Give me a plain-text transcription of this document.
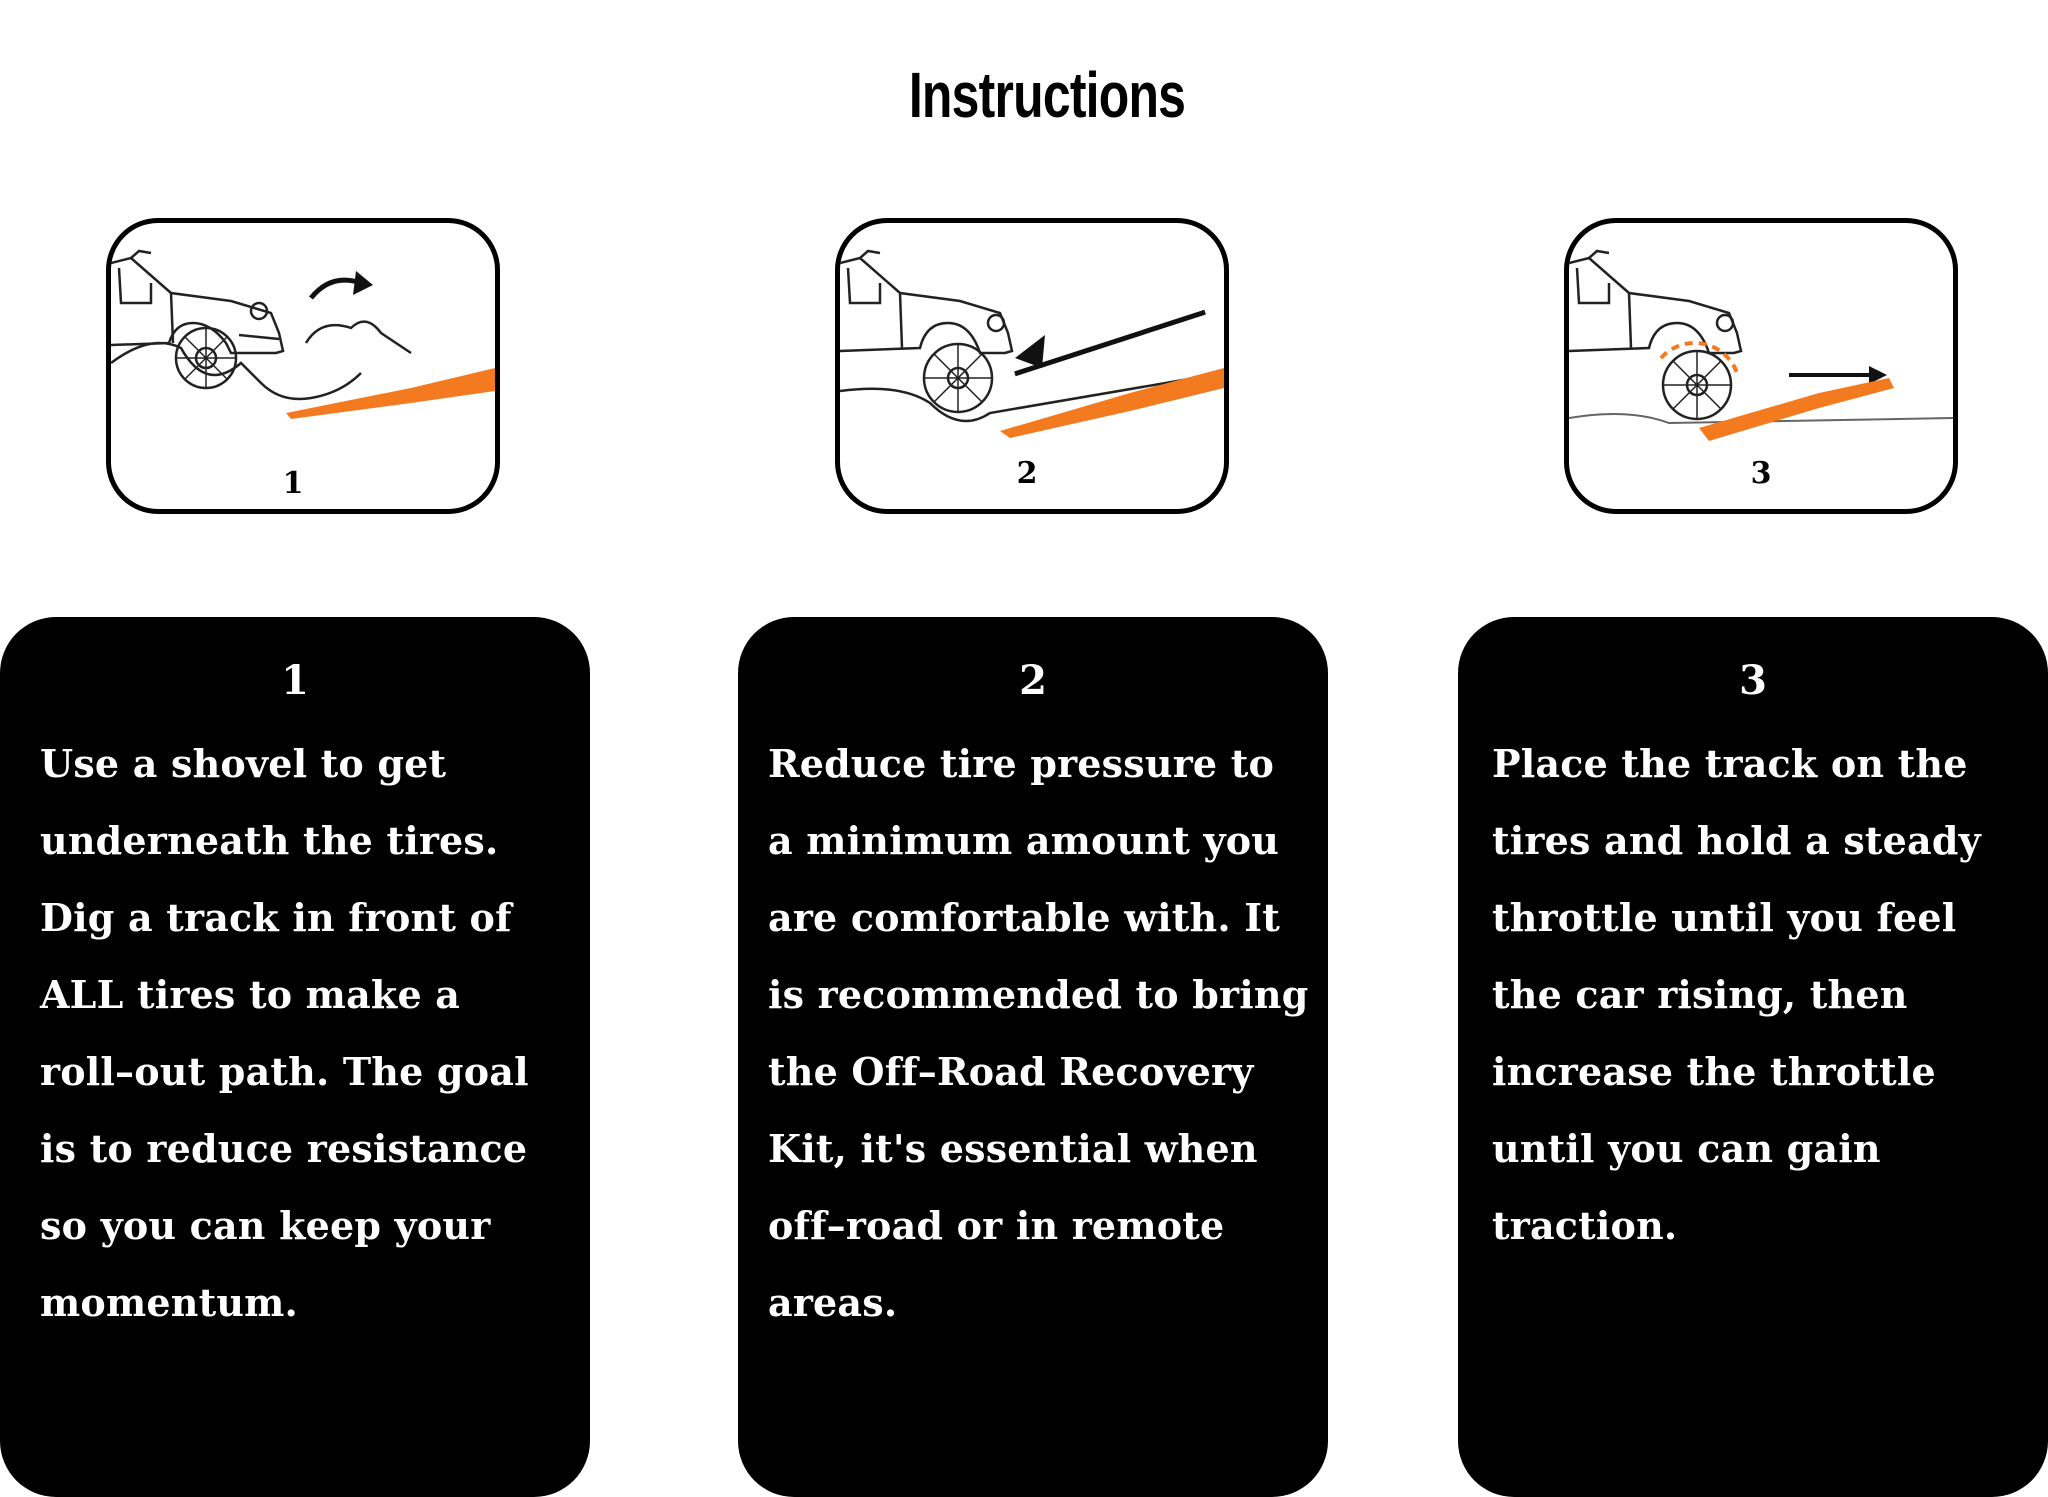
Instructions
1	2	3
1
Use a shovel to get
underneath the tires.
Dig a track in front of
ALL tires to make a
roll–out path. The goal
is to reduce resistance
so you can keep your
momentum.
2
Reduce tire pressure to
a minimum amount you
are comfortable with. It
is recommended to bring
the Off–Road Recovery
Kit, it's essential when
off–road or in remote
areas.
3
Place the track on the
tires and hold a steady
throttle until you feel
the car rising, then
increase the throttle
until you can gain
traction.
